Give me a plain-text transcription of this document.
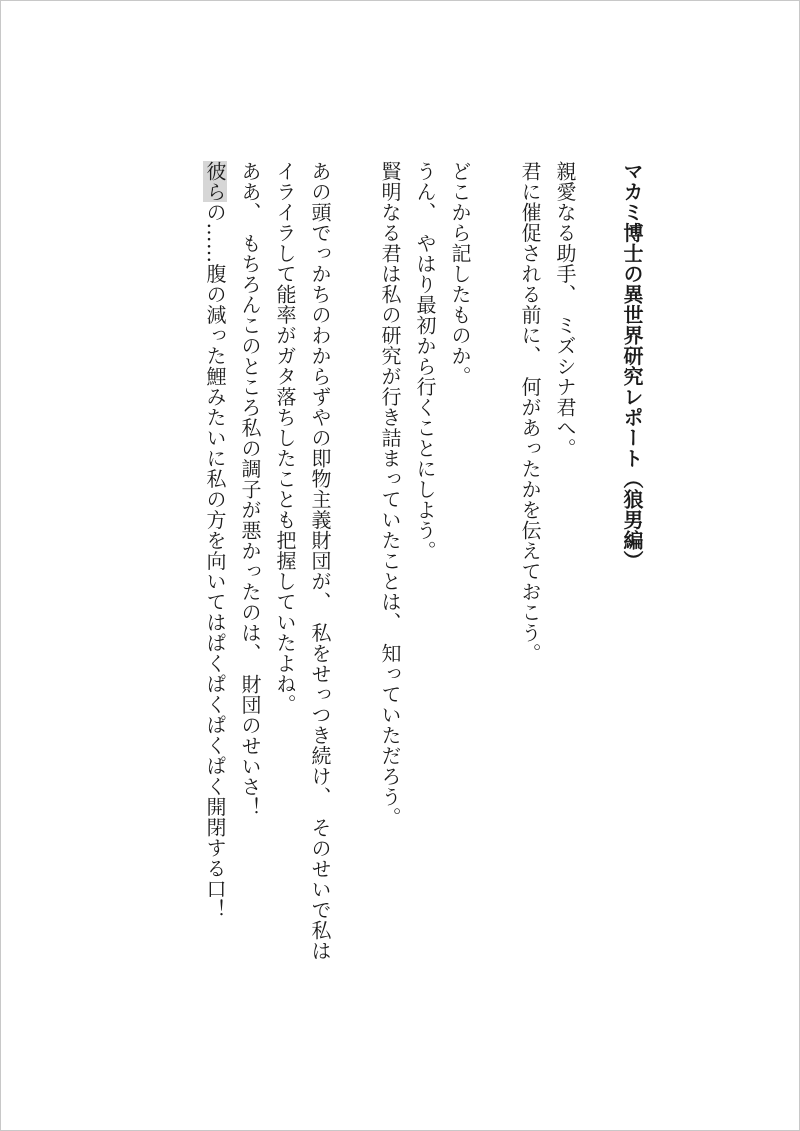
マカミ博士の異世界研究レポート（狼男編）
親愛なる助手、　ミズシナ君へ。
君に催促される前に、　何があったかを伝えておこう。
どこから記したものか。
うん、　やはり最初から行くことにしよう。
賢明なる君は私の研究が行き詰まっていたことは、　知っていただろう。
あの頭でっかちのわからずやの即物主義財団が、　私をせっつき続け、　そのせいで私は
イライラして能率がガタ落ちしたことも把握していたよね。
ああ、　もちろんこのところ私の調子が悪かったのは、　財団のせいさ！
彼らの……腹の減った鯉みたいに私の方を向いてはぱくぱくぱくぱく開閉する口！
